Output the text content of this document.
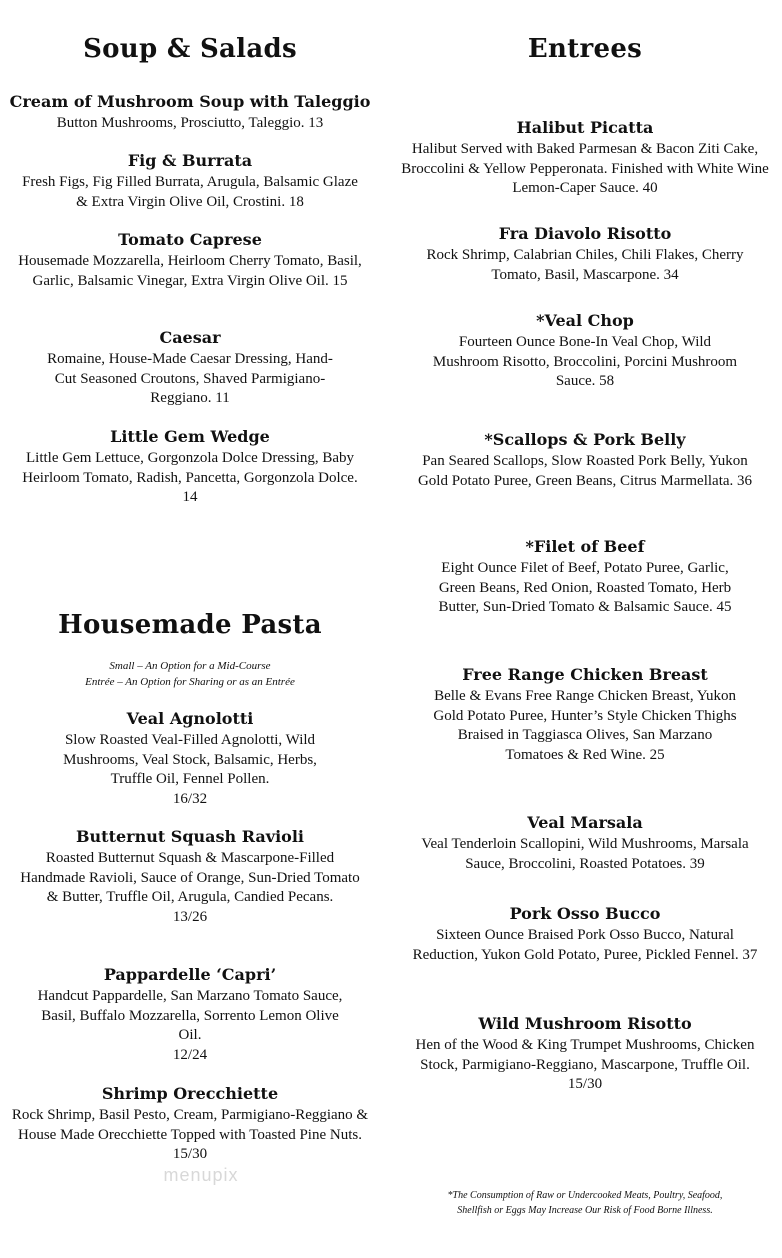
Soup & Salads

Cream of Mushroom Soup with Taleggio

Button Mushrooms, Prosciutto, Taleggio. 13

Fig & Burrata

Fresh Figs, Fig Filled Burrata, Arugula, Balsamic Glaze & Extra Virgin Olive Oil, Crostini. 18

Tomato Caprese

Housemade Mozzarella, Heirloom Cherry Tomato, Basil, Garlic, Balsamic Vinegar, Extra Virgin Olive Oil. 15

Caesar

Romaine, House-Made Caesar Dressing, Hand-Cut Seasoned Croutons, Shaved Parmigiano-Reggiano. 11

Little Gem Wedge

Little Gem Lettuce, Gorgonzola Dolce Dressing, Baby Heirloom Tomato, Radish, Pancetta, Gorgonzola Dolce. 14

Housemade Pasta
Small – An Option for a Mid-Course
Entrée – An Option for Sharing or as an Entrée

Veal Agnolotti

Slow Roasted Veal-Filled Agnolotti, Wild Mushrooms, Veal Stock, Balsamic, Herbs, Truffle Oil, Fennel Pollen.

16/32

Butternut Squash Ravioli

Roasted Butternut Squash & Mascarpone-Filled Handmade Ravioli, Sauce of Orange, Sun-Dried Tomato & Butter, Truffle Oil, Arugula, Candied Pecans.

13/26

Pappardelle ‘Capri’

Handcut Pappardelle, San Marzano Tomato Sauce, Basil, Buffalo Mozzarella, Sorrento Lemon Olive Oil.

12/24

Shrimp Orecchiette

Rock Shrimp, Basil Pesto, Cream, Parmigiano-Reggiano & House Made Orecchiette Topped with Toasted Pine Nuts.

15/30

menupix
Entrees

Halibut Picatta

Halibut Served with Baked Parmesan & Bacon Ziti Cake, Broccolini & Yellow Pepperonata. Finished with White Wine Lemon-Caper Sauce. 40

Fra Diavolo Risotto

Rock Shrimp, Calabrian Chiles, Chili Flakes, Cherry Tomato, Basil, Mascarpone. 34

*Veal Chop

Fourteen Ounce Bone-In Veal Chop, Wild Mushroom Risotto, Broccolini, Porcini Mushroom Sauce. 58

*Scallops & Pork Belly

Pan Seared Scallops, Slow Roasted Pork Belly, Yukon Gold Potato Puree, Green Beans, Citrus Marmellata. 36

*Filet of Beef

Eight Ounce Filet of Beef, Potato Puree, Garlic, Green Beans, Red Onion, Roasted Tomato, Herb Butter, Sun-Dried Tomato & Balsamic Sauce. 45

Free Range Chicken Breast

Belle & Evans Free Range Chicken Breast, Yukon Gold Potato Puree, Hunter’s Style Chicken Thighs Braised in Taggiasca Olives, San Marzano Tomatoes & Red Wine. 25

Veal Marsala

Veal Tenderloin Scallopini, Wild Mushrooms, Marsala Sauce, Broccolini, Roasted Potatoes. 39

Pork Osso Bucco

Sixteen Ounce Braised Pork Osso Bucco, Natural Reduction, Yukon Gold Potato, Puree, Pickled Fennel. 37

Wild Mushroom Risotto

Hen of the Wood & King Trumpet Mushrooms, Chicken Stock, Parmigiano-Reggiano, Mascarpone, Truffle Oil.

15/30

*The Consumption of Raw or Undercooked Meats, Poultry, Seafood,
Shellfish or Eggs May Increase Our Risk of Food Borne Illness.
